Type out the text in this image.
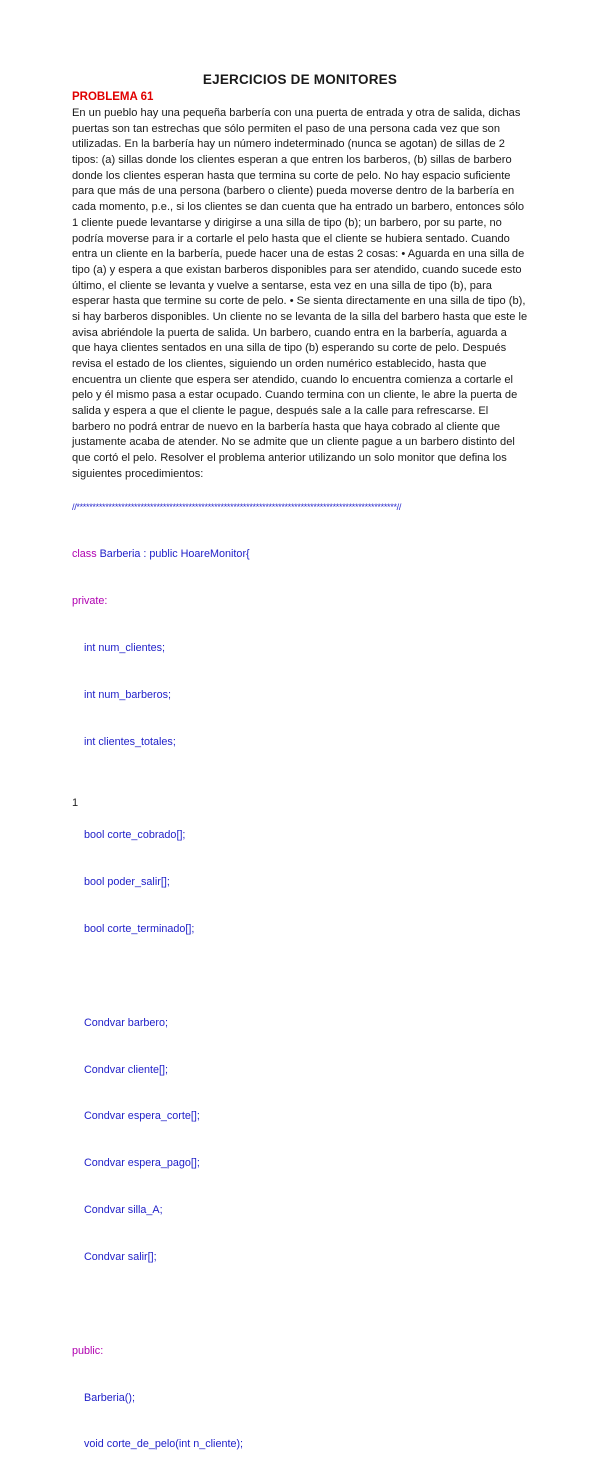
EJERCICIOS DE MONITORES
PROBLEMA 61
En un pueblo hay una pequeña barbería con una puerta de entrada y otra de salida, dichas
puertas son tan estrechas que sólo permiten el paso de una persona cada vez que son
utilizadas. En la barbería hay un número indeterminado (nunca se agotan) de sillas de 2
tipos: (a) sillas donde los clientes esperan a que entren los barberos, (b) sillas de barbero
donde los clientes esperan hasta que termina su corte de pelo. No hay espacio suficiente
para que más de una persona (barbero o cliente) pueda moverse dentro de la barbería en
cada momento, p.e., si los clientes se dan cuenta que ha entrado un barbero, entonces sólo
1 cliente puede levantarse y dirigirse a una silla de tipo (b); un barbero, por su parte, no
podría moverse para ir a cortarle el pelo hasta que el cliente se hubiera sentado. Cuando
entra un cliente en la barbería, puede hacer una de estas 2 cosas: • Aguarda en una silla de
tipo (a) y espera a que existan barberos disponibles para ser atendido, cuando sucede esto
último, el cliente se levanta y vuelve a sentarse, esta vez en una silla de tipo (b), para
esperar hasta que termine su corte de pelo. • Se sienta directamente en una silla de tipo (b),
si hay barberos disponibles. Un cliente no se levanta de la silla del barbero hasta que este le
avisa abriéndole la puerta de salida. Un barbero, cuando entra en la barbería, aguarda a
que haya clientes sentados en una silla de tipo (b) esperando su corte de pelo. Después
revisa el estado de los clientes, siguiendo un orden numérico establecido, hasta que
encuentra un cliente que espera ser atendido, cuando lo encuentra comienza a cortarle el
pelo y él mismo pasa a estar ocupado. Cuando termina con un cliente, le abre la puerta de
salida y espera a que el cliente le pague, después sale a la calle para refrescarse. El
barbero no podrá entrar de nuevo en la barbería hasta que haya cobrado al cliente que
justamente acaba de atender. No se admite que un cliente pague a un barbero distinto del
que cortó el pelo. Resolver el problema anterior utilizando un solo monitor que defina los
siguientes procedimientos:

//****************************************************************************************************//

class Barberia : public HoareMonitor{

private:

int num_clientes;

int num_barberos;

int clientes_totales;

bool corte_cobrado[];

bool poder_salir[];

bool corte_terminado[];

Condvar barbero;

Condvar cliente[];

Condvar espera_corte[];

Condvar espera_pago[];

Condvar silla_A;

Condvar salir[];

public:

Barberia();

void corte_de_pelo(int n_cliente);

1
